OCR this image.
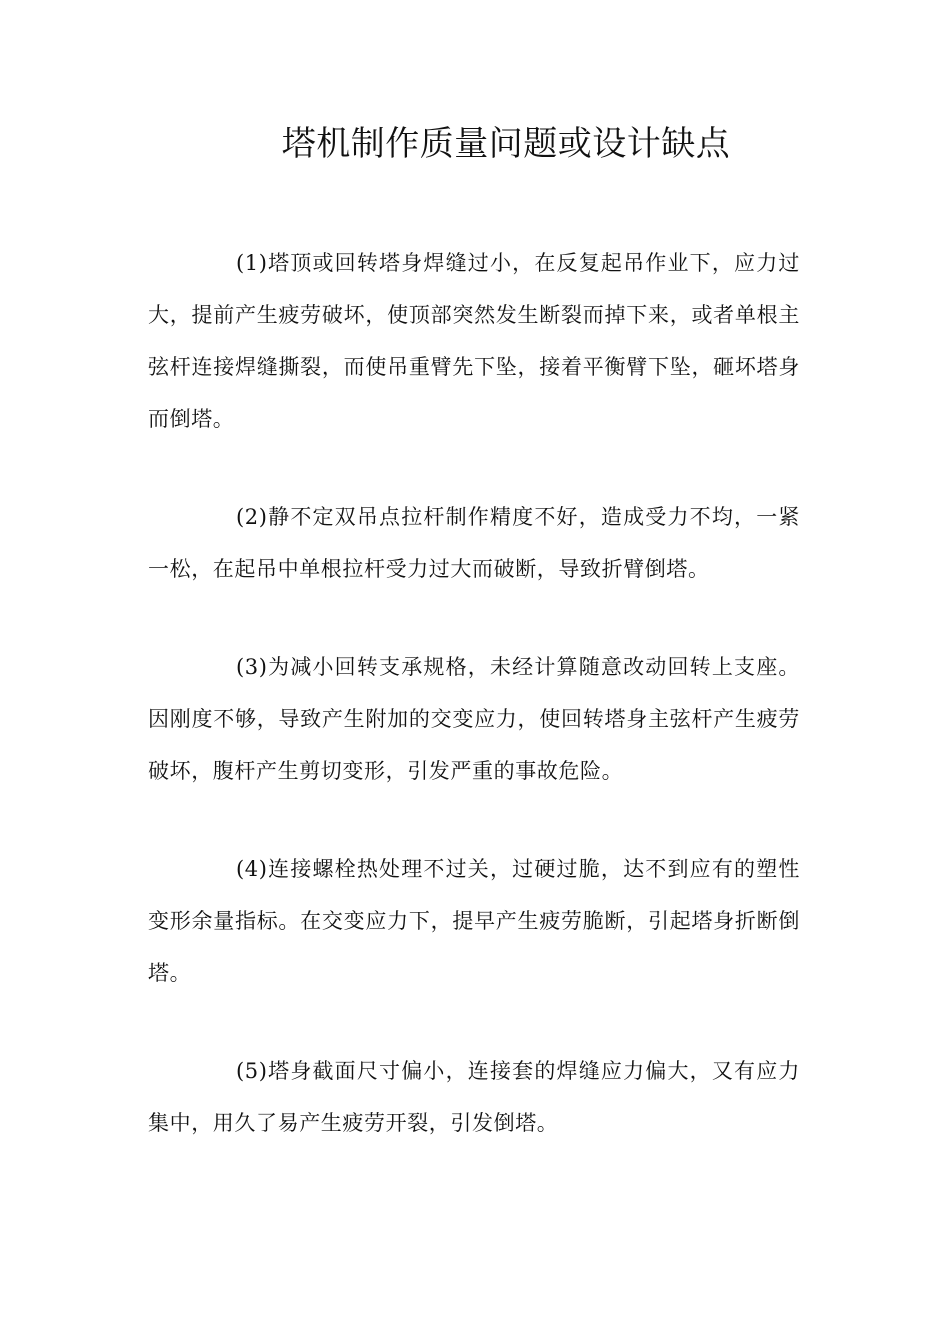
塔机制作质量问题或设计缺点

(1)塔顶或回转塔身焊缝过小，在反复起吊作业下，应力过大，提前产生疲劳破坏，使顶部突然发生断裂而掉下来，或者单根主弦杆连接焊缝撕裂，而使吊重臂先下坠，接着平衡臂下坠，砸坏塔身而倒塔。

(2)静不定双吊点拉杆制作精度不好，造成受力不均，一紧一松，在起吊中单根拉杆受力过大而破断，导致折臂倒塔。

(3)为减小回转支承规格，未经计算随意改动回转上支座。因刚度不够，导致产生附加的交变应力，使回转塔身主弦杆产生疲劳破坏，腹杆产生剪切变形，引发严重的事故危险。

(4)连接螺栓热处理不过关，过硬过脆，达不到应有的塑性变形余量指标。在交变应力下，提早产生疲劳脆断，引起塔身折断倒塔。

(5)塔身截面尺寸偏小，连接套的焊缝应力偏大，又有应力集中，用久了易产生疲劳开裂，引发倒塔。
